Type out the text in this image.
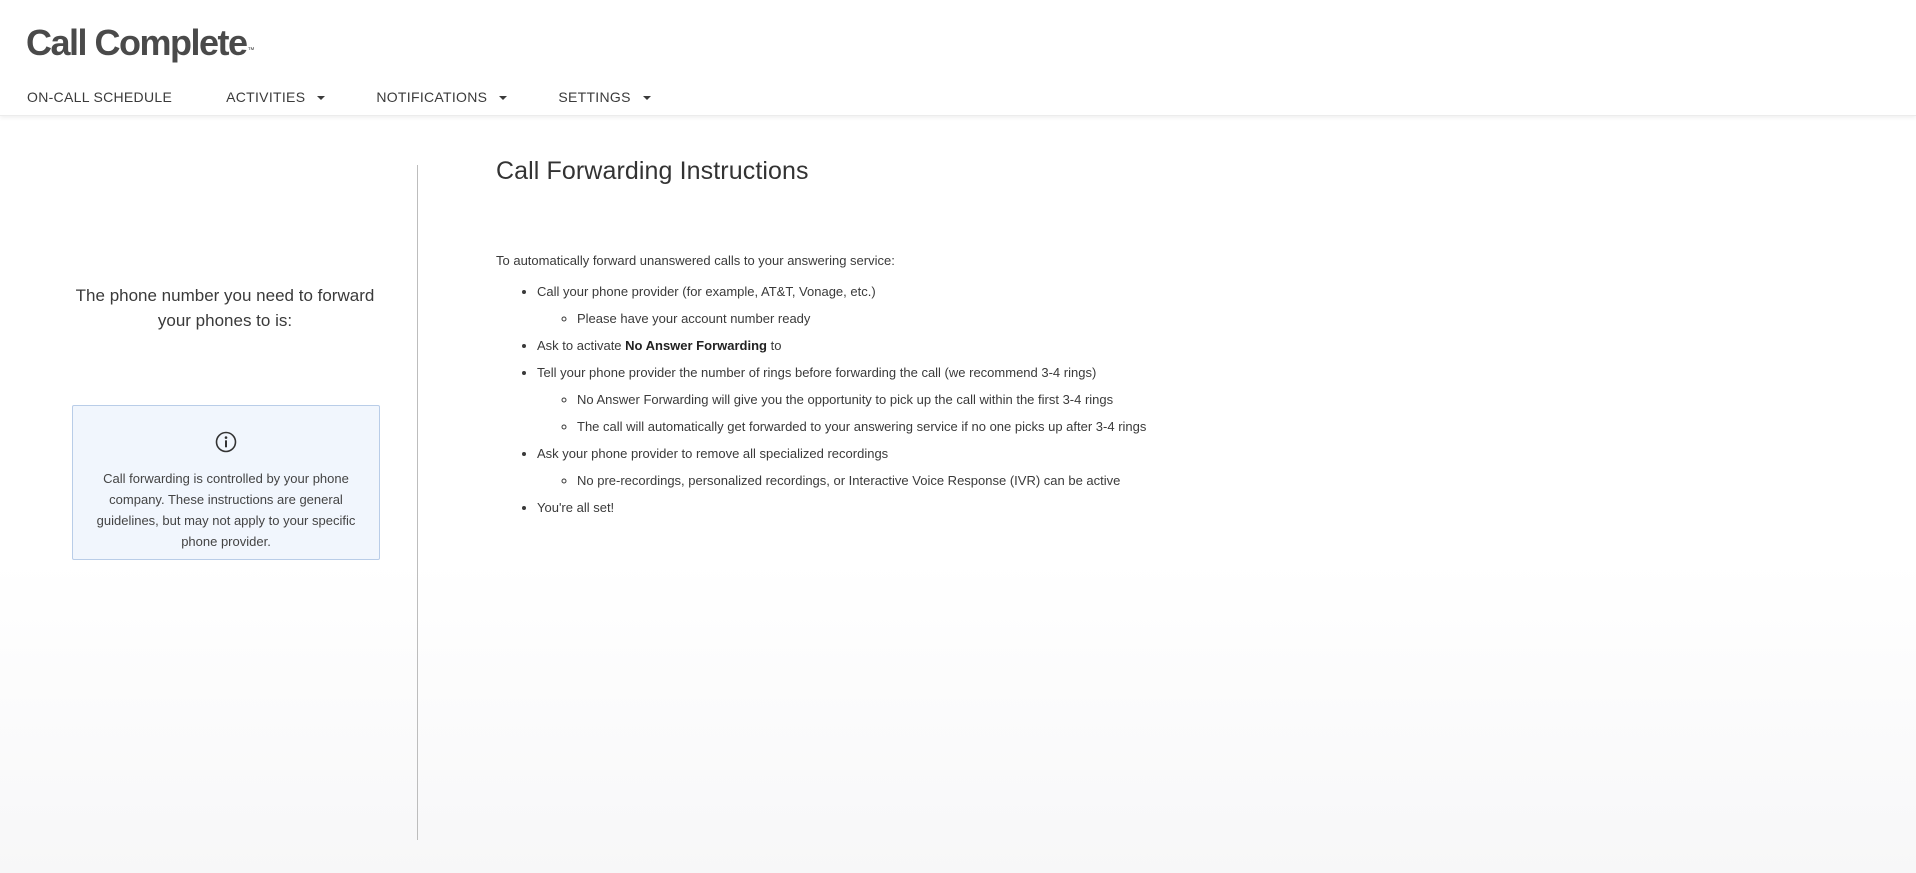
Call Complete™
ON-CALL SCHEDULE	ACTIVITIES	NOTIFICATIONS	SETTINGS
The phone number you need to forward your phones to is:
Call forwarding is controlled by your phone company. These instructions are general guidelines, but may not apply to your specific phone provider.
Call Forwarding Instructions
To automatically forward unanswered calls to your answering service:
• Call your phone provider (for example, AT&T, Vonage, etc.)
◦ Please have your account number ready
• Ask to activate No Answer Forwarding to
• Tell your phone provider the number of rings before forwarding the call (we recommend 3-4 rings)
◦ No Answer Forwarding will give you the opportunity to pick up the call within the first 3-4 rings
◦ The call will automatically get forwarded to your answering service if no one picks up after 3-4 rings
• Ask your phone provider to remove all specialized recordings
◦ No pre-recordings, personalized recordings, or Interactive Voice Response (IVR) can be active
• You're all set!
